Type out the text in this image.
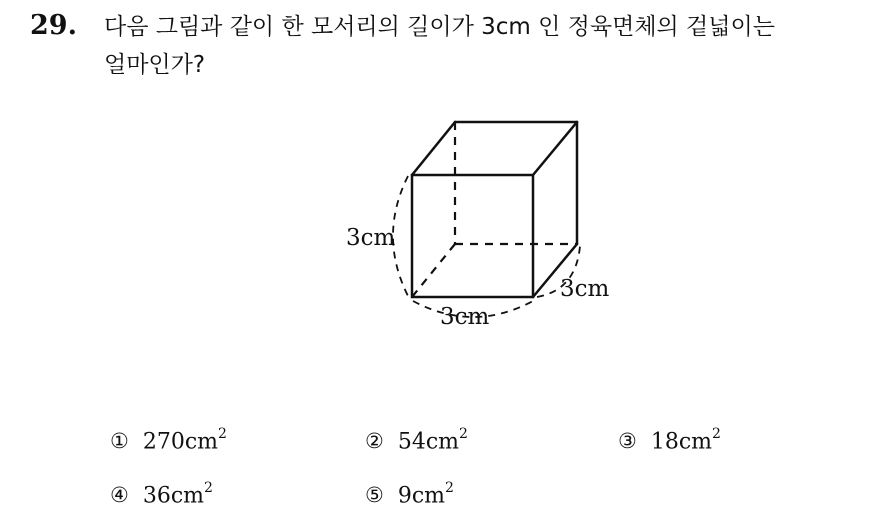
29. 다음 그림과 같이 한 모서리의 길이가 3cm 인 정육면체의 겉넓이는
얼마인가?
3cm
3cm
3cm
① $270cm^2$	② $54cm^2$	③ $18cm^2$
④ $36cm^2$	⑤ $9cm^2$
